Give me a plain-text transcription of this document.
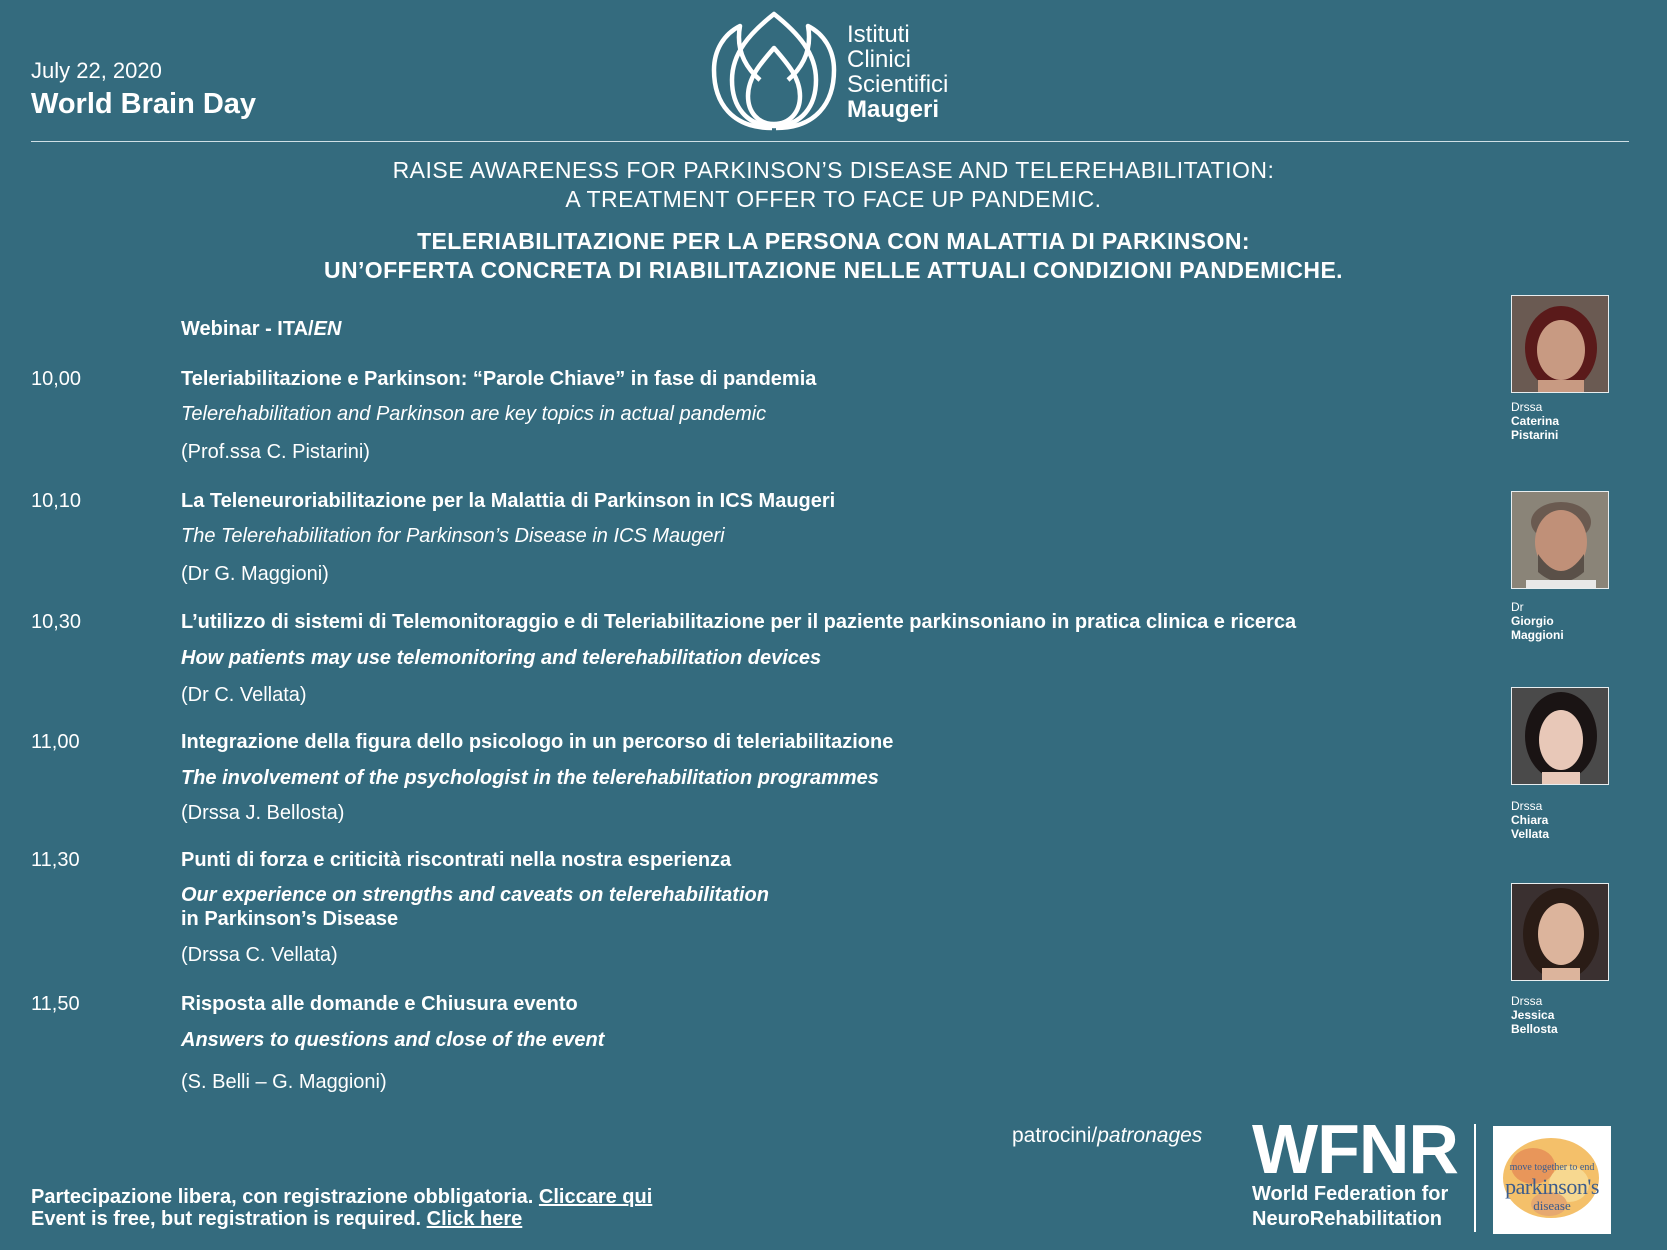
July 22, 2020
World Brain Day
Istituti
Clinici
Scientifici
Maugeri
RAISE AWARENESS FOR PARKINSON’S DISEASE AND TELEREHABILITATION:
A TREATMENT OFFER TO FACE UP PANDEMIC.
TELERIABILITAZIONE PER LA PERSONA CON MALATTIA DI PARKINSON:
UN’OFFERTA CONCRETA DI RIABILITAZIONE NELLE ATTUALI CONDIZIONI PANDEMICHE.
Webinar - ITA/EN
10,00	Teleriabilitazione e Parkinson: “Parole Chiave” in fase di pandemia
Telerehabilitation and Parkinson are key topics in actual pandemic
(Prof.ssa C. Pistarini)
10,10	La Teleneuroriabilitazione per la Malattia di Parkinson in ICS Maugeri
The Telerehabilitation for Parkinson’s Disease in ICS Maugeri
(Dr G. Maggioni)
10,30	L’utilizzo di sistemi di Telemonitoraggio e di Teleriabilitazione per il paziente parkinsoniano in pratica clinica e ricerca
How patients may use telemonitoring and telerehabilitation devices
(Dr C. Vellata)
11,00	Integrazione della figura dello psicologo in un percorso di teleriabilitazione
The involvement of the psychologist in the telerehabilitation programmes
(Drssa J. Bellosta)
11,30	Punti di forza e criticità riscontrati nella nostra esperienza
Our experience on strengths and caveats on telerehabilitation
in Parkinson’s Disease
(Drssa C. Vellata)
11,50	Risposta alle domande e Chiusura evento
Answers to questions and close of the event
(S. Belli – G. Maggioni)
Drssa
Caterina
Pistarini
Dr
Giorgio
Maggioni
Drssa
Chiara
Vellata
Drssa
Jessica
Bellosta
patrocini/patronages WFNR
World Federation for
NeuroRehabilitation
move together to end
parkinson's
disease
Partecipazione libera, con registrazione obbligatoria. Cliccare qui
Event is free, but registration is required. Click here
